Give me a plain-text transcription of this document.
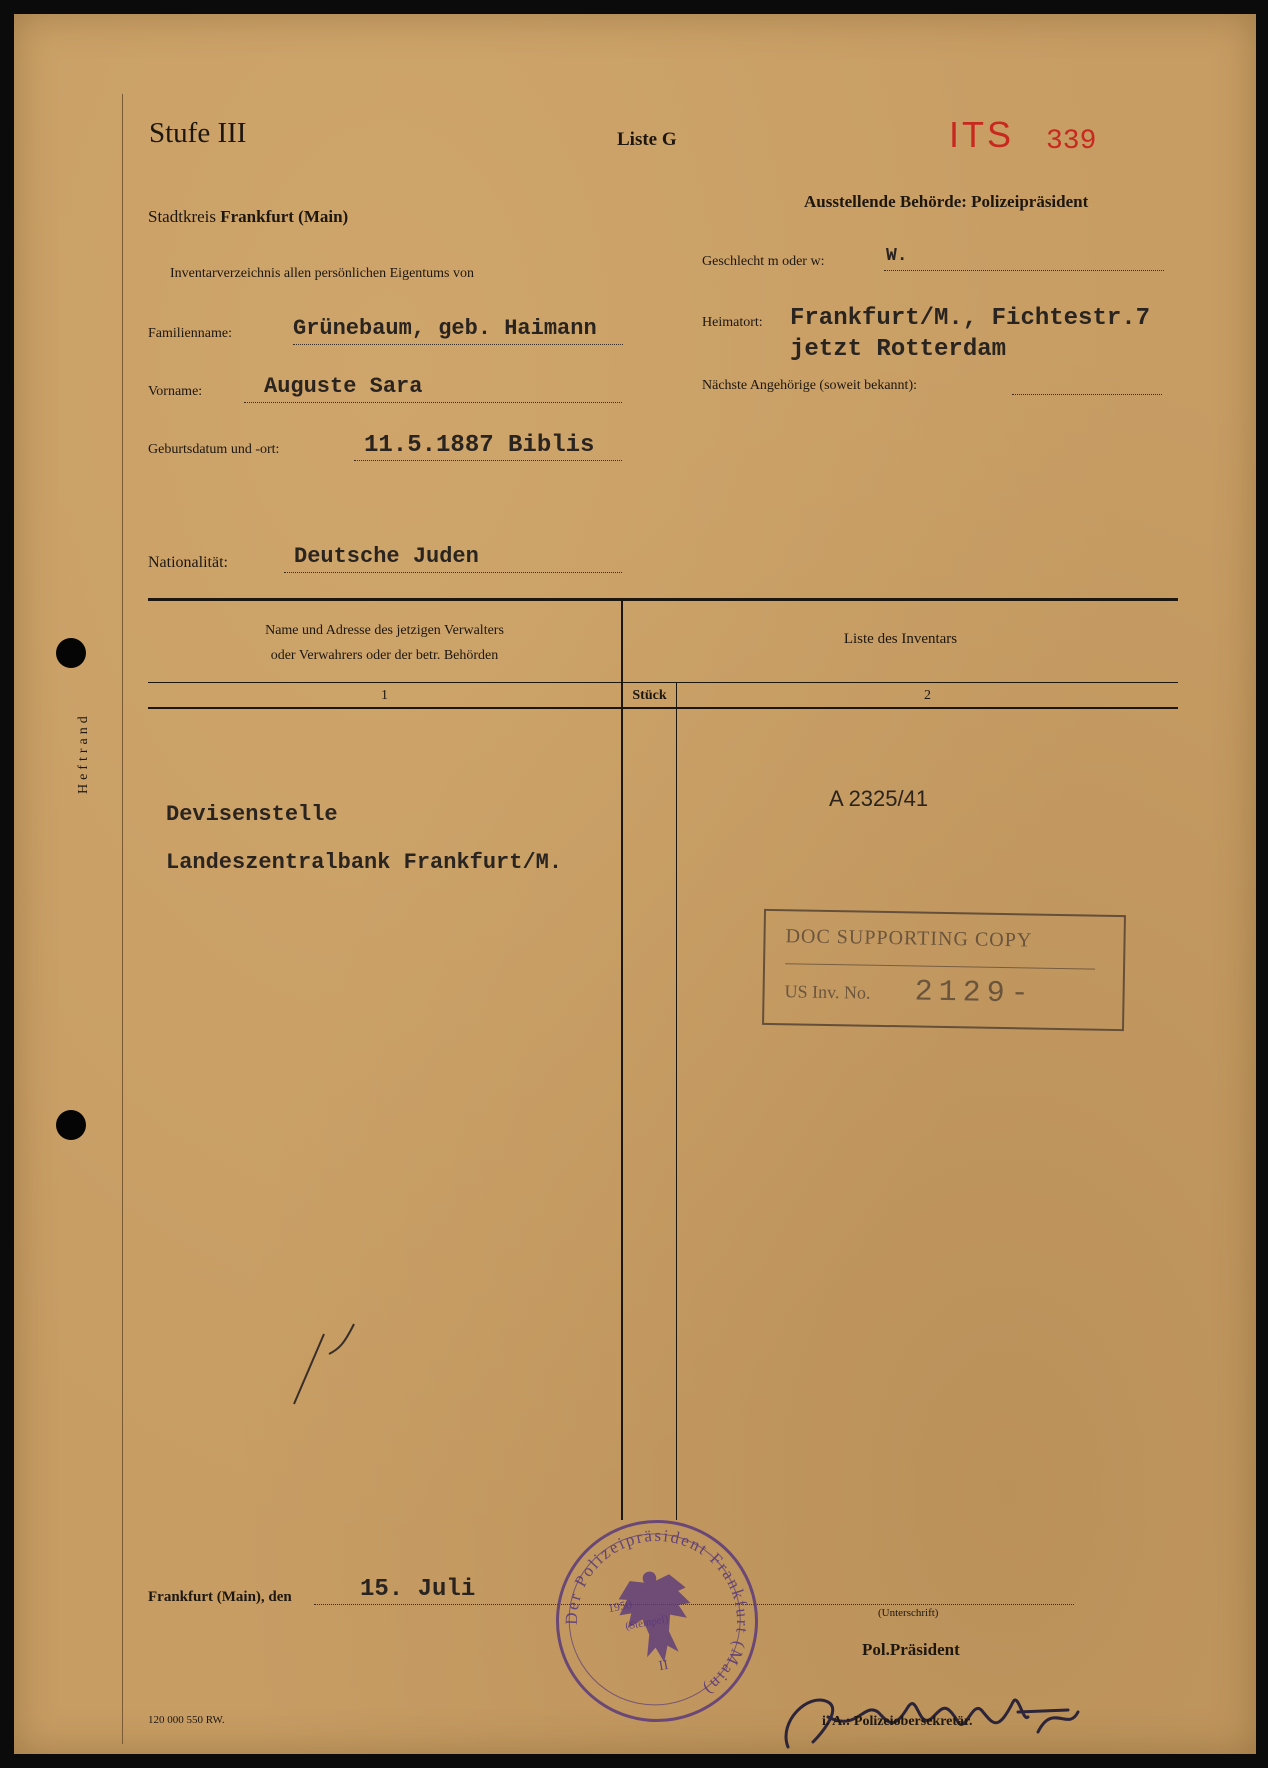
Heftrand
Stufe III	Liste G	ITS 339
Ausstellende Behörde: Polizeipräsident
Stadtkreis Frankfurt (Main)
Inventarverzeichnis allen persönlichen Eigentums von
Geschlecht m oder w:	W.
Familienname:	Grünebaum, geb. Haimann	Heimatort: Frankfurt/M., Fichtestr.7
jetzt Rotterdam
Nächste Angehörige (soweit bekannt):
Vorname:	Auguste Sara
Geburtsdatum und -ort:	11.5.1887 Biblis
Nationalität:	Deutsche Juden
Name und Adresse des jetzigen Verwalters
oder Verwahrers oder der betr. Behörden
Liste des Inventars
1	Stück	2
Devisenstelle
Landeszentralbank Frankfurt/M.
A 2325/41
DOC SUPPORTING COPY
US Inv. No. 2129-
Frankfurt (Main), den	15. Juli
(Unterschrift)
Pol.Präsident
i. A.: Polizeiobersekretär.
120 000 550 RW.
Der Polizeipräsident Frankfurt (Main)
1950
(Stempel)
II
